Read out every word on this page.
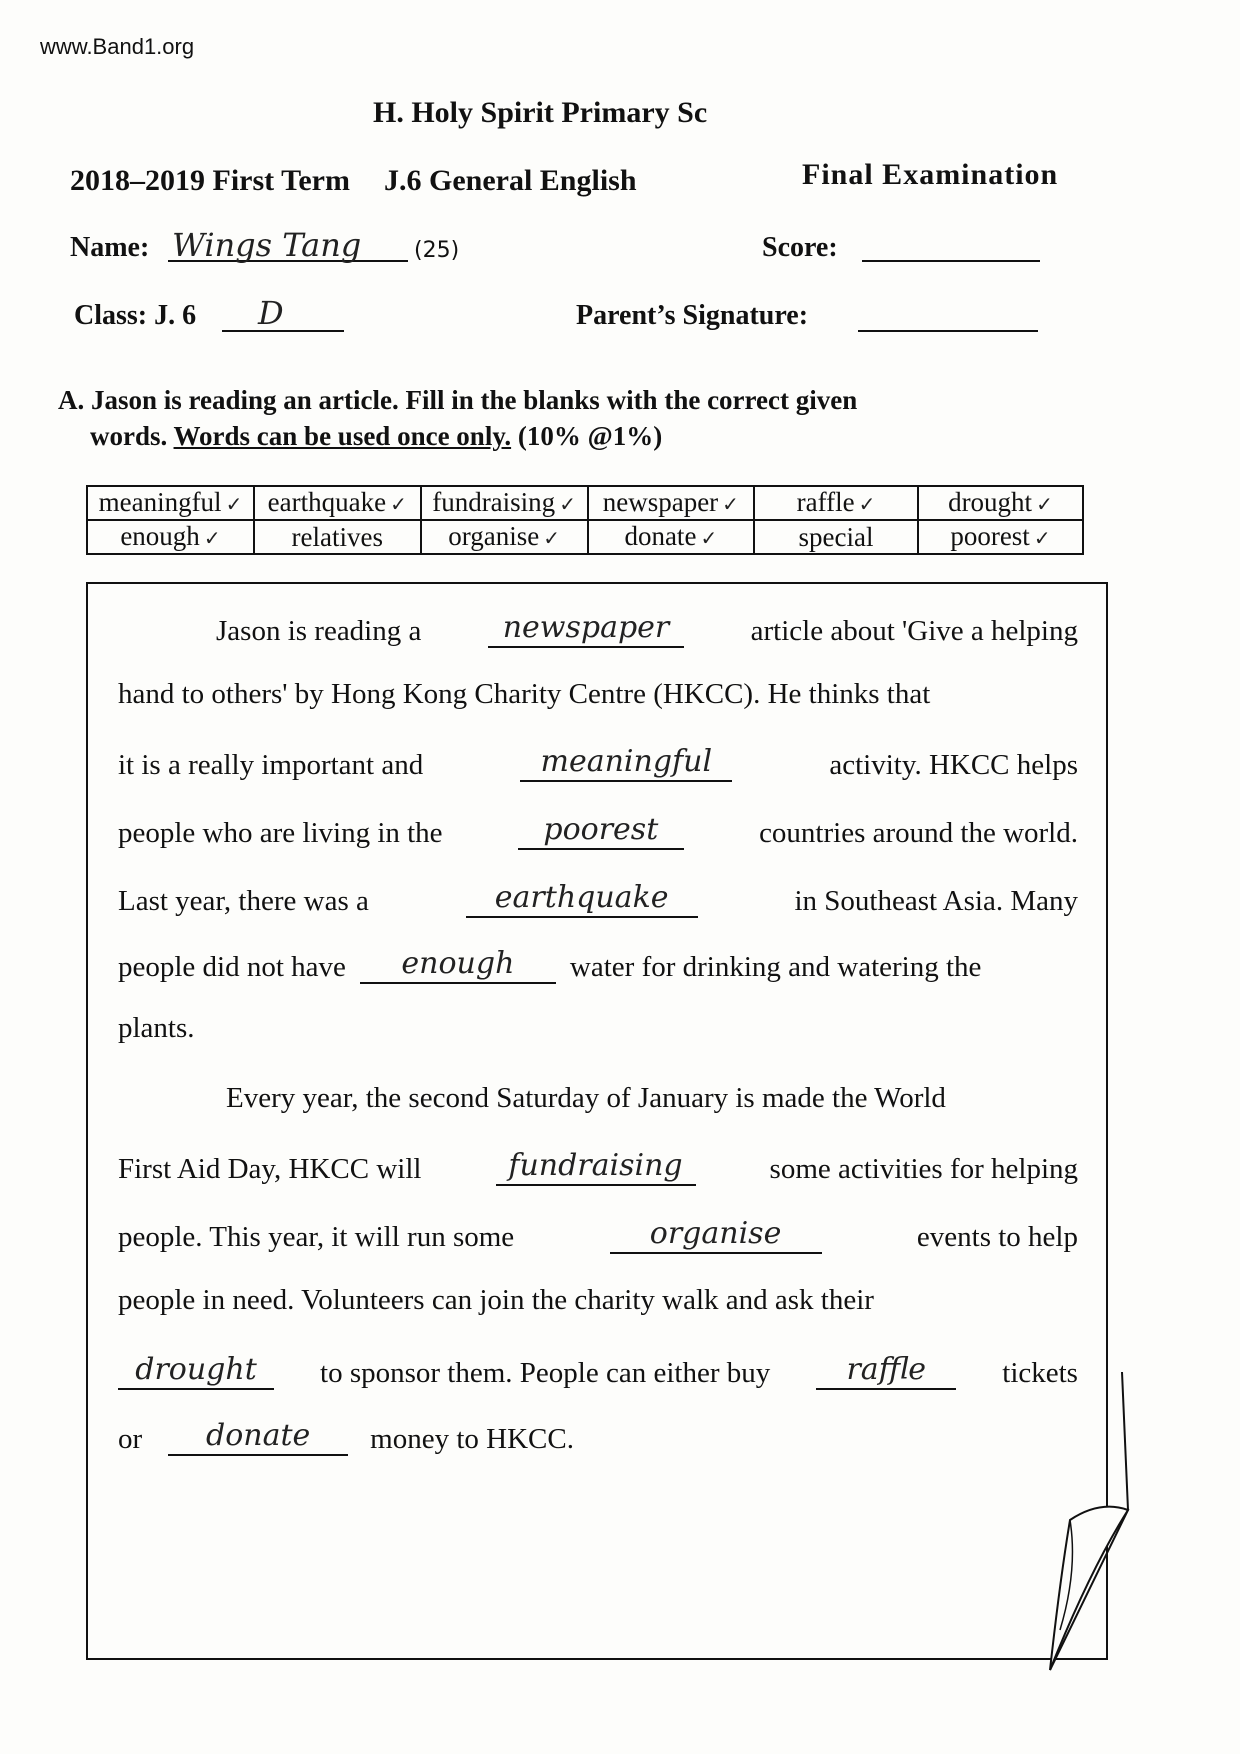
www.Band1.org
H. Holy Spirit Primary Sc
2018–2019 First Term J.6 General English	Final Examination
Name: Wings Tang (25)	Score:
Class: J. 6 D	Parent’s Signature:
A. Jason is reading an article. Fill in the blanks with the correct given
words. Words can be used once only. (10% @1%)
meaningful ✓	earthquake ✓	fundraising ✓	newspaper ✓	raffle ✓	drought ✓
enough ✓	relatives	organise ✓	donate ✓	special	poorest ✓
Jason is reading a	newspaper	article about 'Give a helping
hand to others' by Hong Kong Charity Centre (HKCC). He thinks that
it is a really important and	meaningful	activity. HKCC helps
people who are living in the	poorest	countries around the world.
Last year, there was a	earthquake	in Southeast Asia. Many
people did not have	enough	water for drinking and watering the
plants.
Every year, the second Saturday of January is made the World
First Aid Day, HKCC will	fundraising	some activities for helping
people. This year, it will run some	organise	events to help
people in need. Volunteers can join the charity walk and ask their
drought	to sponsor them. People can either buy	raffle	tickets
or	donate	money to HKCC.
